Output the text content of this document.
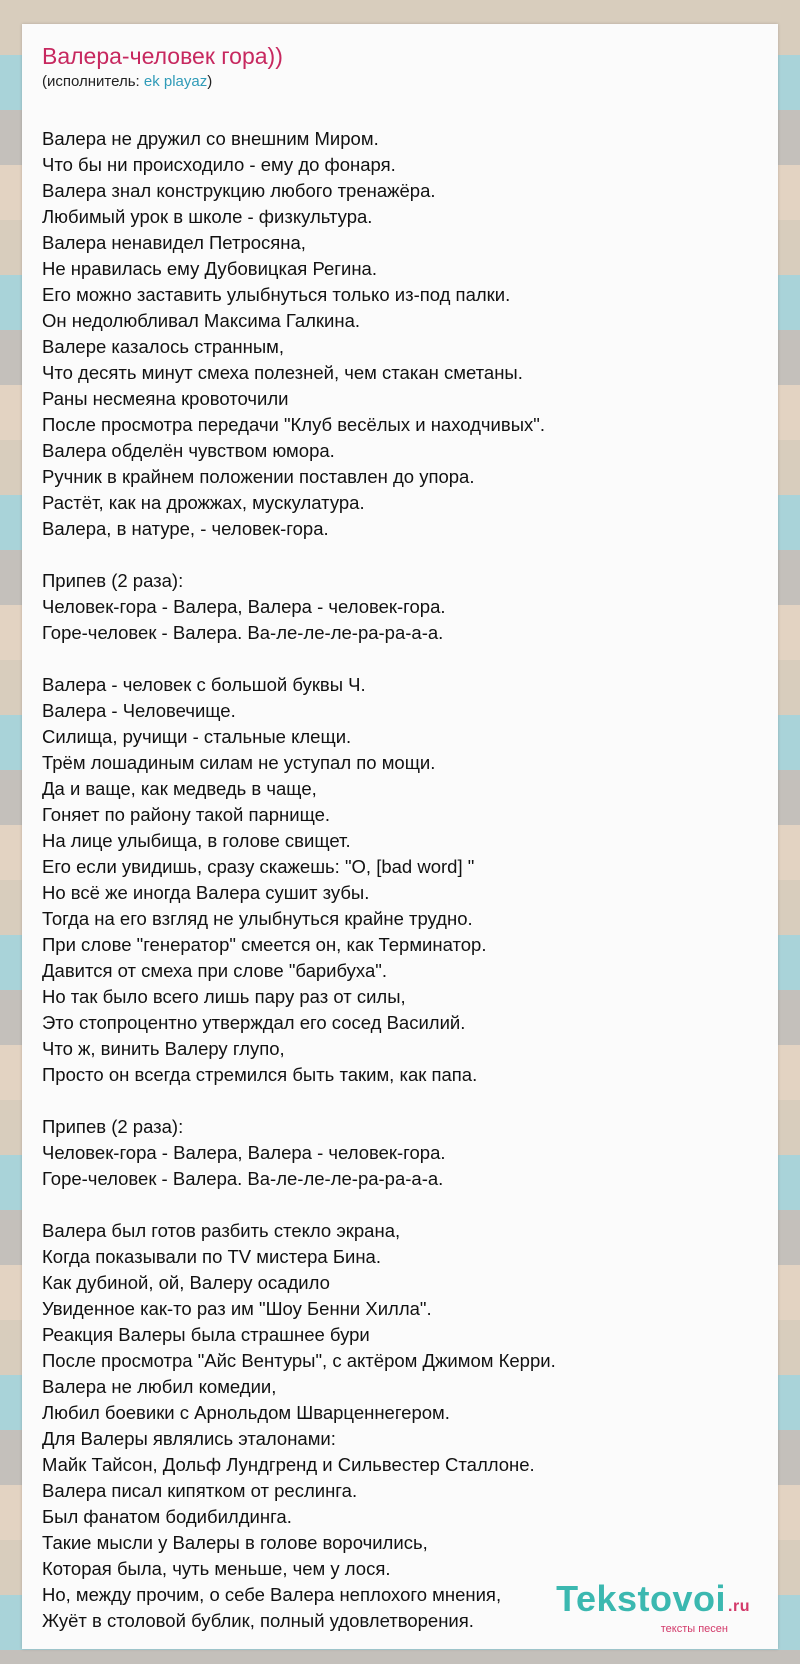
Валера-человек гора))
(исполнитель: ek playaz)
Валера не дружил со внешним Миром.
Что бы ни происходило - ему до фонаря.
Валера знал конструкцию любого тренажёра.
Любимый урок в школе - физкультура.
Валера ненавидел Петросяна,
Не нравилась ему Дубовицкая Регина.
Его можно заставить улыбнуться только из-под палки.
Он недолюбливал Максима Галкина.
Валере казалось странным,
Что десять минут смеха полезней, чем стакан сметаны.
Раны несмеяна кровоточили
После просмотра передачи "Клуб весёлых и находчивых".
Валера обделён чувством юмора.
Ручник в крайнем положении поставлен до упора.
Растёт, как на дрожжах, мускулатура.
Валера, в натуре, - человек-гора.
Припев (2 раза):
Человек-гора - Валера, Валера - человек-гора.
Горе-человек - Валера. Ва-ле-ле-ле-ра-ра-а-а.
Валера - человек с большой буквы Ч.
Валера - Человечище.
Силища, ручищи - стальные клещи.
Трём лошадиным силам не уступал по мощи.
Да и ваще, как медведь в чаще,
Гоняет по району такой парнище.
На лице улыбища, в голове свищет.
Его если увидишь, сразу скажешь: "О, [bad word] "
Но всё же иногда Валера сушит зубы.
Тогда на его взгляд не улыбнуться крайне трудно.
При слове "генератор" смеется он, как Терминатор.
Давится от смеха при слове "барибуха".
Но так было всего лишь пару раз от силы,
Это стопроцентно утверждал его сосед Василий.
Что ж, винить Валеру глупо,
Просто он всегда стремился быть таким, как папа.
Припев (2 раза):
Человек-гора - Валера, Валера - человек-гора.
Горе-человек - Валера. Ва-ле-ле-ле-ра-ра-а-а.
Валера был готов разбить стекло экрана,
Когда показывали по TV мистера Бина.
Как дубиной, ой, Валеру осадило
Увиденное как-то раз им "Шоу Бенни Хилла".
Реакция Валеры была страшнее бури
После просмотра "Айс Вентуры", с актёром Джимом Керри.
Валера не любил комедии,
Любил боевики с Арнольдом Шварценнегером.
Для Валеры являлись эталонами:
Майк Тайсон, Дольф Лундгренд и Сильвестер Сталлоне.
Валера писал кипятком от реслинга.
Был фанатом бодибилдинга.
Такие мысли у Валеры в голове ворочились,
Которая была, чуть меньше, чем у лося.
Но, между прочим, о себе Валера неплохого мнения,
Жуёт в столовой бублик, полный удовлетворения.
Tekstovoi .ru
тексты песен
